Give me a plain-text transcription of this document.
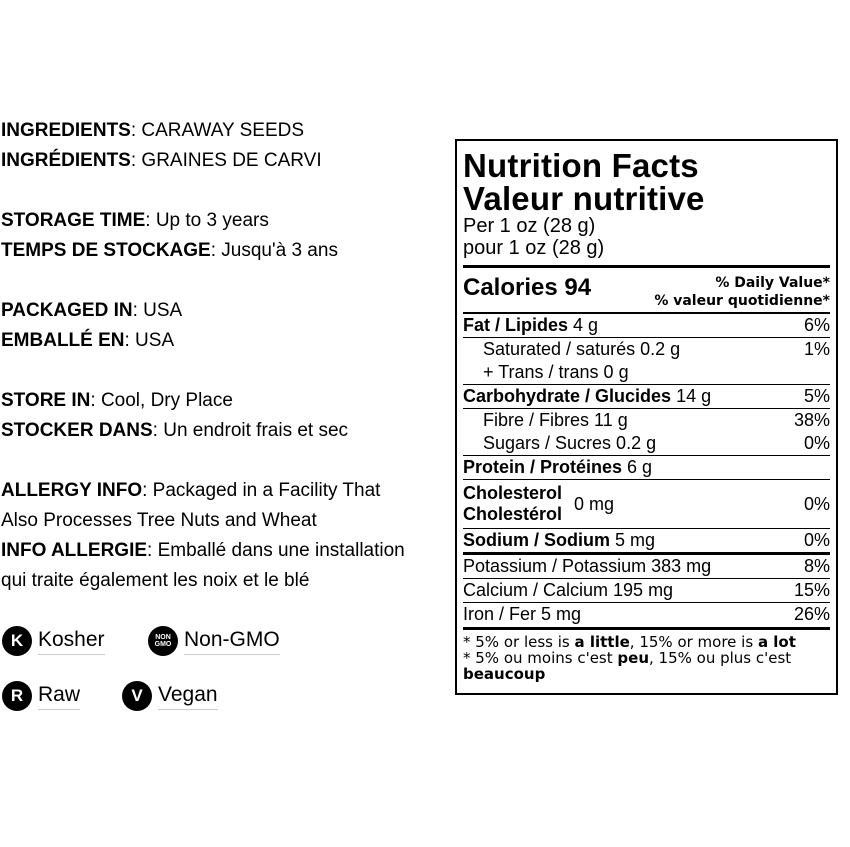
INGREDIENTS: CARAWAY SEEDS
INGRÉDIENTS: GRAINES DE CARVI
STORAGE TIME: Up to 3 years
TEMPS DE STOCKAGE: Jusqu'à 3 ans
PACKAGED IN: USA
EMBALLÉ EN: USA
STORE IN: Cool, Dry Place
STOCKER DANS: Un endroit frais et sec
ALLERGY INFO: Packaged in a Facility That
Also Processes Tree Nuts and Wheat
INFO ALLERGIE: Emballé dans une installation
qui traite également les noix et le blé
K Kosher	NON
GMO Non-GMO
R Raw	V Vegan
Nutrition Facts
Valeur nutritive
Per 1 oz (28 g)
pour 1 oz (28 g)
Calories 94	% Daily Value*
% valeur quotidienne*
Fat / Lipides 4 g	6%
Saturated / saturés 0.2 g	1%
+ Trans / trans 0 g
Carbohydrate / Glucides 14 g	5%
Fibre / Fibres 11 g	38%
Sugars / Sucres 0.2 g	0%
Protein / Protéines 6 g
Cholesterol
Cholestérol
0 mg	0%
Sodium / Sodium 5 mg	0%
Potassium / Potassium 383 mg	8%
Calcium / Calcium 195 mg	15%
Iron / Fer 5 mg	26%
* 5% or less is a little, 15% or more is a lot
* 5% ou moins c'est peu, 15% ou plus c'est beaucoup
